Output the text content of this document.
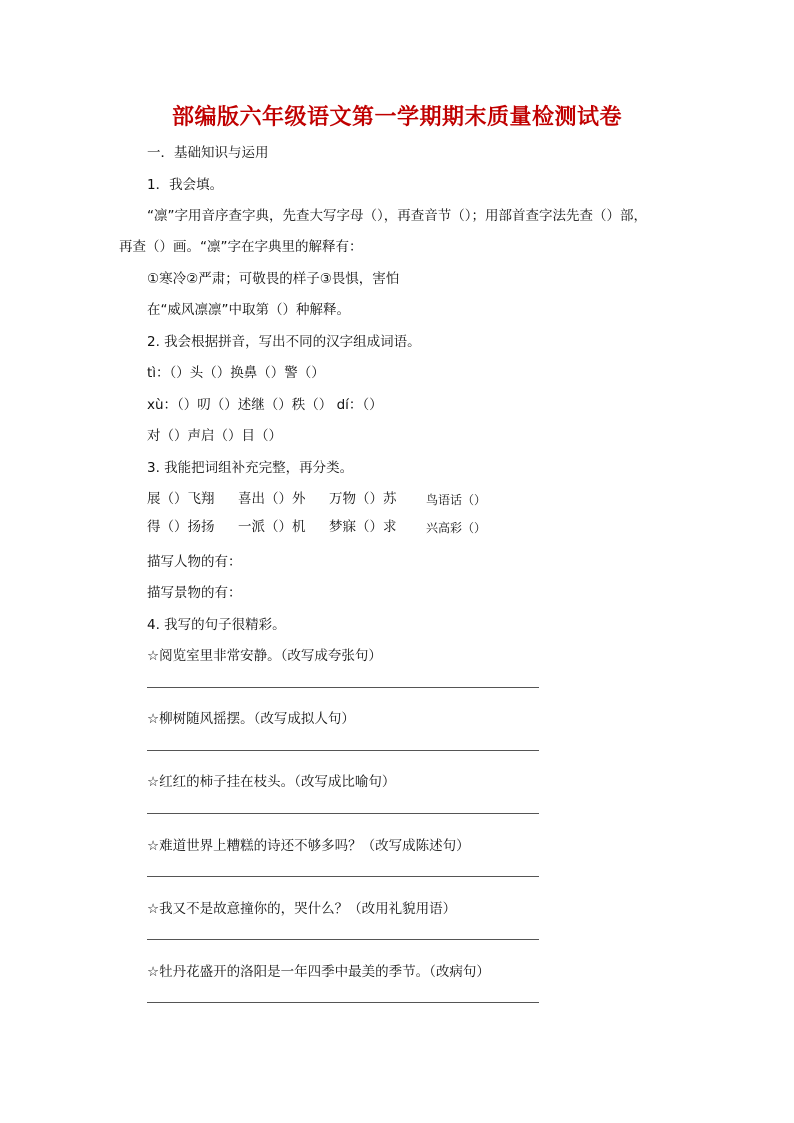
部编版六年级语文第一学期期末质量检测试卷
一．基础知识与运用
1．我会填。
“凛”字用音序查字典，先查大写字母（），再查音节（）；用部首查字法先查（）部，
再查（）画。“凛”字在字典里的解释有：
①寒冷②严肃；可敬畏的样子③畏惧，害怕
在“威风凛凛”中取第（）种解释。
2. 我会根据拼音，写出不同的汉字组成词语。
tì：（）头（）换鼻（）警（）
xù：（）叨（）述继（）秩（） dí：（）
对（）声启（）目（）
3. 我能把词组补充完整，再分类。
展（）飞翔 喜出（）外 万物（）苏 鸟语话（）
得（）扬扬 一派（）机 梦寐（）求 兴高彩（）
描写人物的有：
描写景物的有：
4. 我写的句子很精彩。
☆阅览室里非常安静。（改写成夸张句）
☆柳树随风摇摆。（改写成拟人句）
☆红红的柿子挂在枝头。（改写成比喻句）
☆难道世界上糟糕的诗还不够多吗？（改写成陈述句）
☆我又不是故意撞你的，哭什么？（改用礼貌用语）
☆牡丹花盛开的洛阳是一年四季中最美的季节。（改病句）
